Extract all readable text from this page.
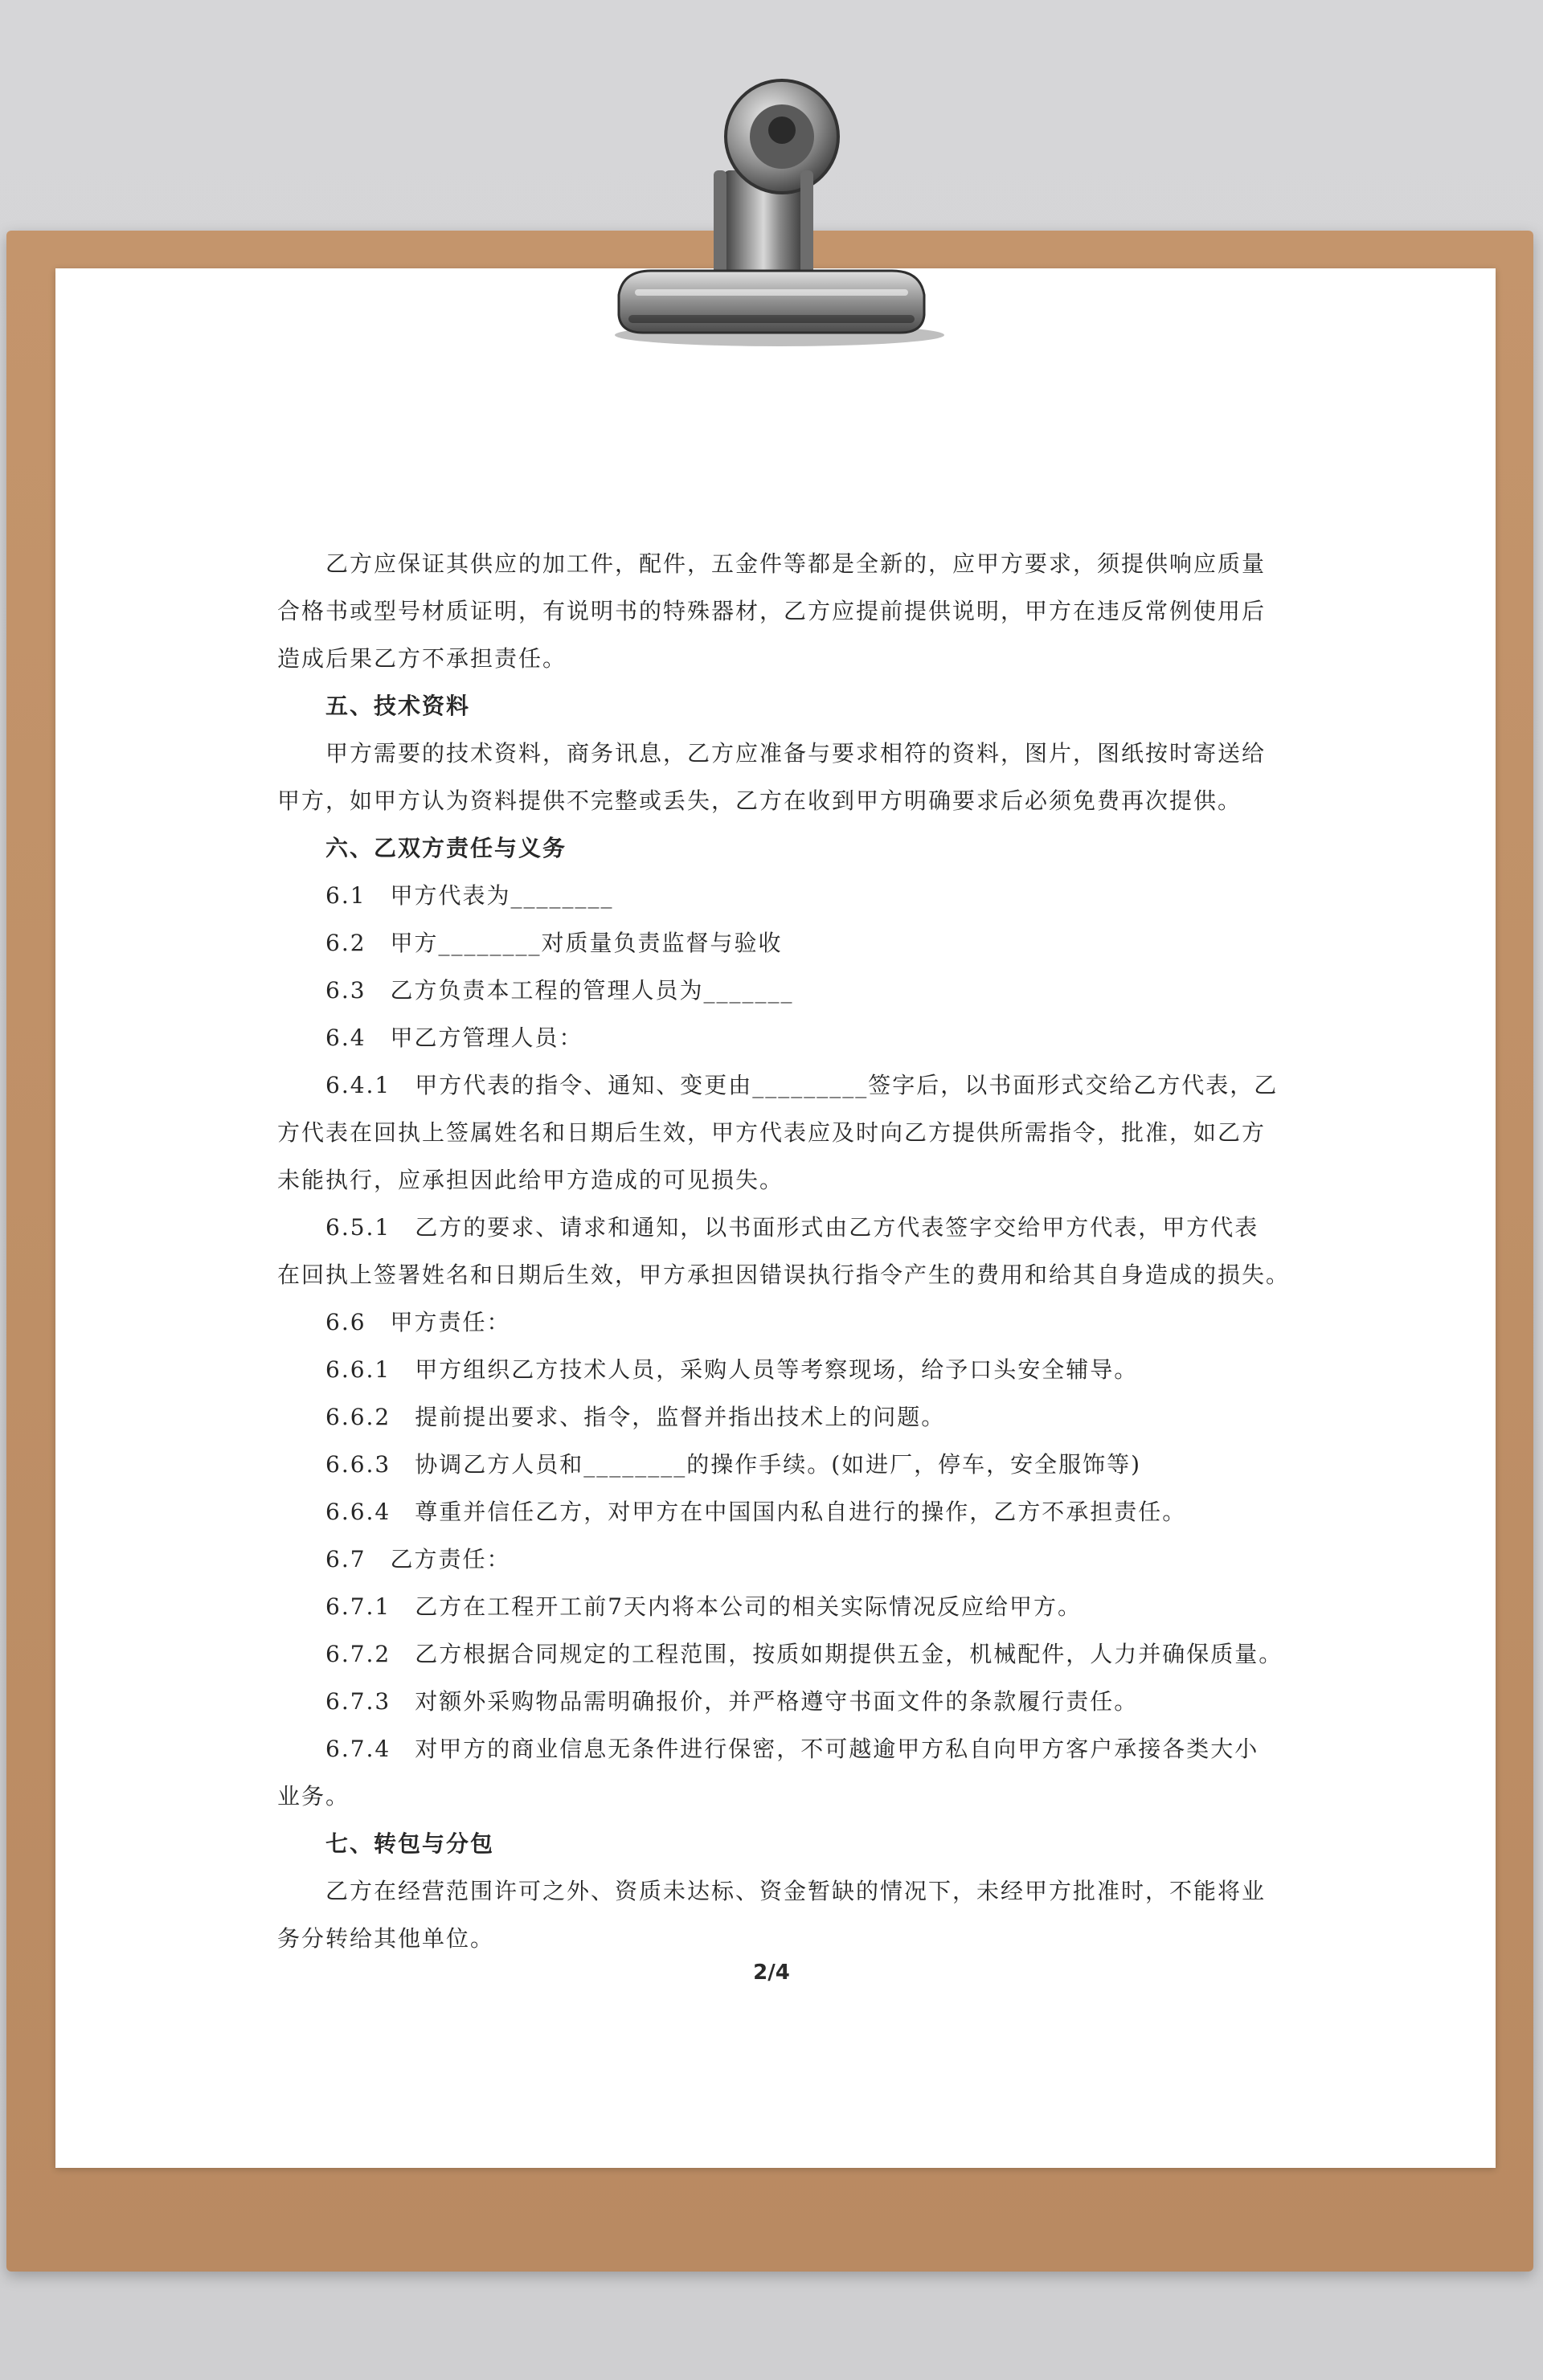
　　乙方应保证其供应的加工件，配件，五金件等都是全新的，应甲方要求，须提供响应质量
合格书或型号材质证明，有说明书的特殊器材，乙方应提前提供说明，甲方在违反常例使用后
造成后果乙方不承担责任。
　　五、技术资料
　　甲方需要的技术资料，商务讯息，乙方应准备与要求相符的资料，图片，图纸按时寄送给
甲方，如甲方认为资料提供不完整或丢失，乙方在收到甲方明确要求后必须免费再次提供。
　　六、乙双方责任与义务
　　6.1　甲方代表为________
　　6.2　甲方________对质量负责监督与验收
　　6.3　乙方负责本工程的管理人员为_______
　　6.4　甲乙方管理人员：
　　6.4.1　甲方代表的指令、通知、变更由_________签字后，以书面形式交给乙方代表，乙
方代表在回执上签属姓名和日期后生效，甲方代表应及时向乙方提供所需指令，批准，如乙方
未能执行，应承担因此给甲方造成的可见损失。
　　6.5.1　乙方的要求、请求和通知，以书面形式由乙方代表签字交给甲方代表，甲方代表
在回执上签署姓名和日期后生效，甲方承担因错误执行指令产生的费用和给其自身造成的损失。
　　6.6　甲方责任：
　　6.6.1　甲方组织乙方技术人员，采购人员等考察现场，给予口头安全辅导。
　　6.6.2　提前提出要求、指令，监督并指出技术上的问题。
　　6.6.3　协调乙方人员和________的操作手续。(如进厂，停车，安全服饰等)
　　6.6.4　尊重并信任乙方，对甲方在中国国内私自进行的操作，乙方不承担责任。
　　6.7　乙方责任：
　　6.7.1　乙方在工程开工前7天内将本公司的相关实际情况反应给甲方。
　　6.7.2　乙方根据合同规定的工程范围，按质如期提供五金，机械配件，人力并确保质量。
　　6.7.3　对额外采购物品需明确报价，并严格遵守书面文件的条款履行责任。
　　6.7.4　对甲方的商业信息无条件进行保密，不可越逾甲方私自向甲方客户承接各类大小
业务。
　　七、转包与分包
　　乙方在经营范围许可之外、资质未达标、资金暂缺的情况下，未经甲方批准时，不能将业
务分转给其他单位。
2/4
